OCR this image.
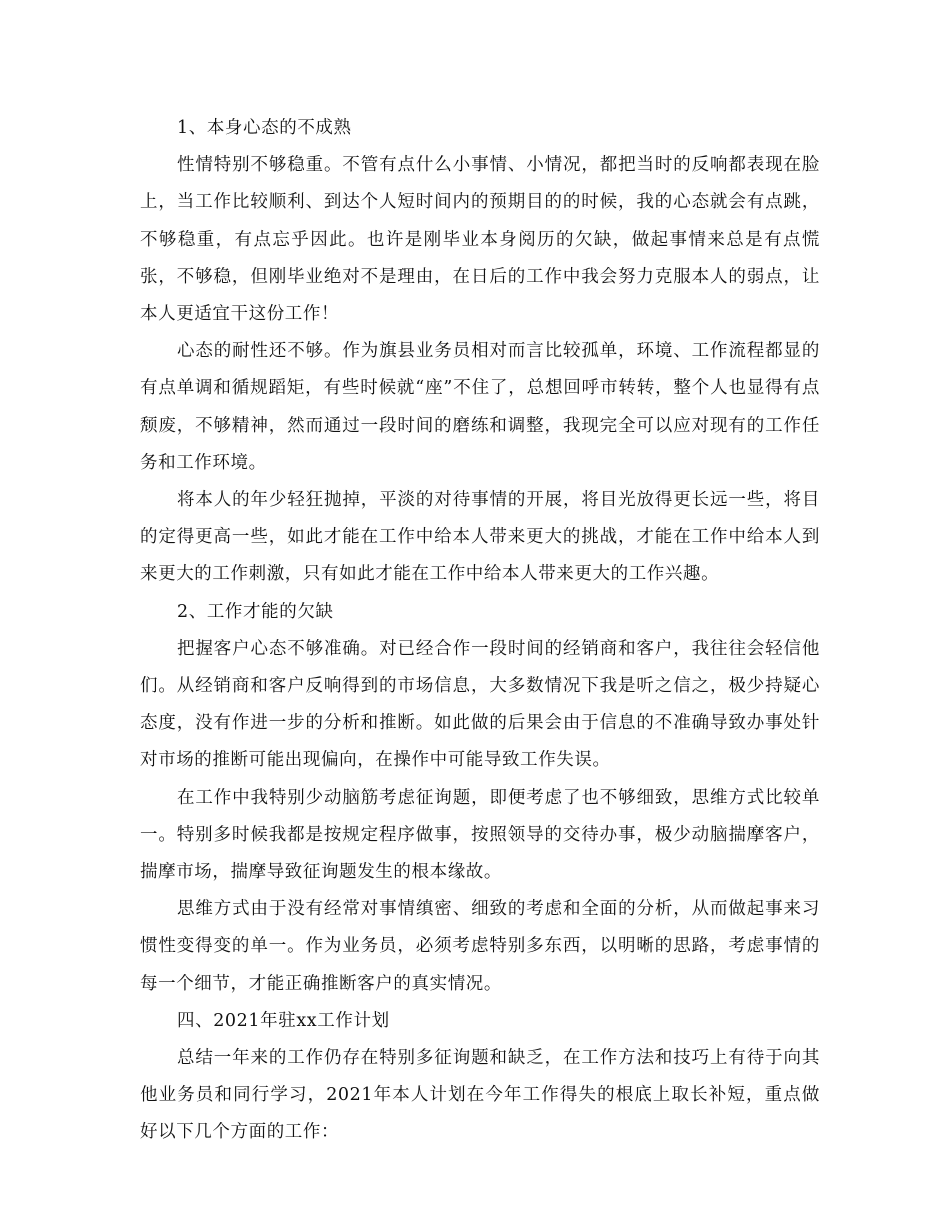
1、本身心态的不成熟

性情特别不够稳重。不管有点什么小事情、小情况，都把当时的反响都表现在脸上，当工作比较顺利、到达个人短时间内的预期目的的时候，我的心态就会有点跳，不够稳重，有点忘乎因此。也许是刚毕业本身阅历的欠缺，做起事情来总是有点慌张，不够稳，但刚毕业绝对不是理由，在日后的工作中我会努力克服本人的弱点，让本人更适宜干这份工作！

心态的耐性还不够。作为旗县业务员相对而言比较孤单，环境、工作流程都显的有点单调和循规蹈矩，有些时候就“座”不住了，总想回呼市转转，整个人也显得有点颓废，不够精神，然而通过一段时间的磨练和调整，我现完全可以应对现有的工作任务和工作环境。

将本人的年少轻狂抛掉，平淡的对待事情的开展，将目光放得更长远一些，将目的定得更高一些，如此才能在工作中给本人带来更大的挑战，才能在工作中给本人到来更大的工作刺激，只有如此才能在工作中给本人带来更大的工作兴趣。

2、工作才能的欠缺

把握客户心态不够准确。对已经合作一段时间的经销商和客户，我往往会轻信他们。从经销商和客户反响得到的市场信息，大多数情况下我是听之信之，极少持疑心态度，没有作进一步的分析和推断。如此做的后果会由于信息的不准确导致办事处针对市场的推断可能出现偏向，在操作中可能导致工作失误。

在工作中我特别少动脑筋考虑征询题，即便考虑了也不够细致，思维方式比较单一。特别多时候我都是按规定程序做事，按照领导的交待办事，极少动脑揣摩客户，揣摩市场，揣摩导致征询题发生的根本缘故。

思维方式由于没有经常对事情缜密、细致的考虑和全面的分析，从而做起事来习惯性变得变的单一。作为业务员，必须考虑特别多东西，以明晰的思路，考虑事情的每一个细节，才能正确推断客户的真实情况。

四、2021年驻xx工作计划

总结一年来的工作仍存在特别多征询题和缺乏，在工作方法和技巧上有待于向其他业务员和同行学习，2021年本人计划在今年工作得失的根底上取长补短，重点做好以下几个方面的工作：
